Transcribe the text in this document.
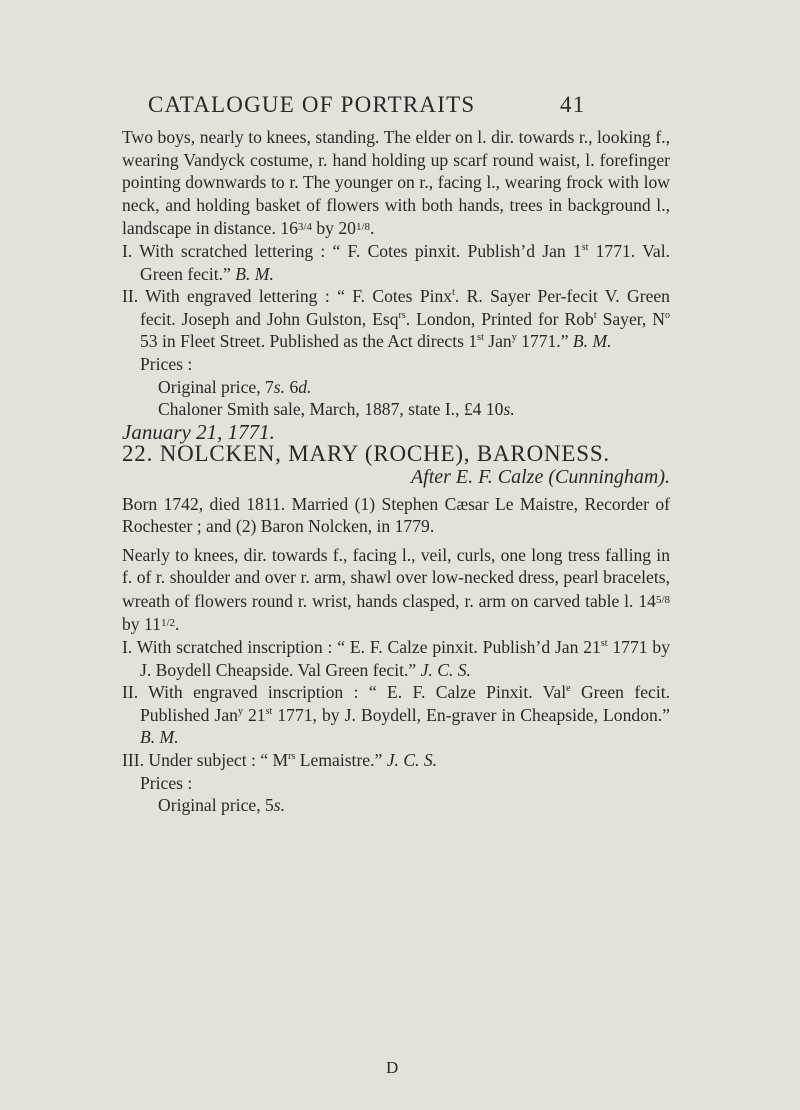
CATALOGUE OF PORTRAITS	41

Two boys, nearly to knees, standing. The elder on l. dir. towards r., looking f., wearing Vandyck costume, r. hand holding up scarf round waist, l. forefinger pointing downwards to r. The younger on r., facing l., wearing frock with low neck, and holding basket of flowers with both hands, trees in background l., landscape in distance. $16^{3/4}$ by $20^{1/8}$.

I. With scratched lettering : “ F. Cotes pinxit. Publish’d Jan 1st 1771. Val. Green fecit.” B. M.

II. With engraved lettering : “ F. Cotes Pinx$^t$. R. Sayer Per-fecit V. Green fecit. Joseph and John Gulston, Esq$^{rs}$. London, Printed for Rob$^t$ Sayer, $N^o$ 53 in Fleet Street. Published as the Act directs 1st Jan$^y$ 1771.” B. M.

Prices :

Original price, 7s. 6d.

Chaloner Smith sale, March, 1887, state I., £4 10s.

January 21, 1771.

22. NOLCKEN, MARY (ROCHE), BARONESS.

After E. F. Calze (Cunningham).

Born 1742, died 1811. Married (1) Stephen Cæsar Le Maistre, Recorder of Rochester ; and (2) Baron Nolcken, in 1779.

Nearly to knees, dir. towards f., facing l., veil, curls, one long tress falling in f. of r. shoulder and over r. arm, shawl over low-necked dress, pearl bracelets, wreath of flowers round r. wrist, hands clasped, r. arm on carved table l. $14^{5/8}$ by $11^{1/2}$.

I. With scratched inscription : “ E. F. Calze pinxit. Publish’d Jan 21st 1771 by J. Boydell Cheapside. Val Green fecit.” J. C. S.

II. With engraved inscription : “ E. F. Calze Pinxit. Val$^e$ Green fecit. Published Jan$^y$ 21st 1771, by J. Boydell, En-graver in Cheapside, London.” B. M.

III. Under subject : “ $M^{rs}$ Lemaistre.” J. C. S.

Prices :

Original price, 5s.

D
